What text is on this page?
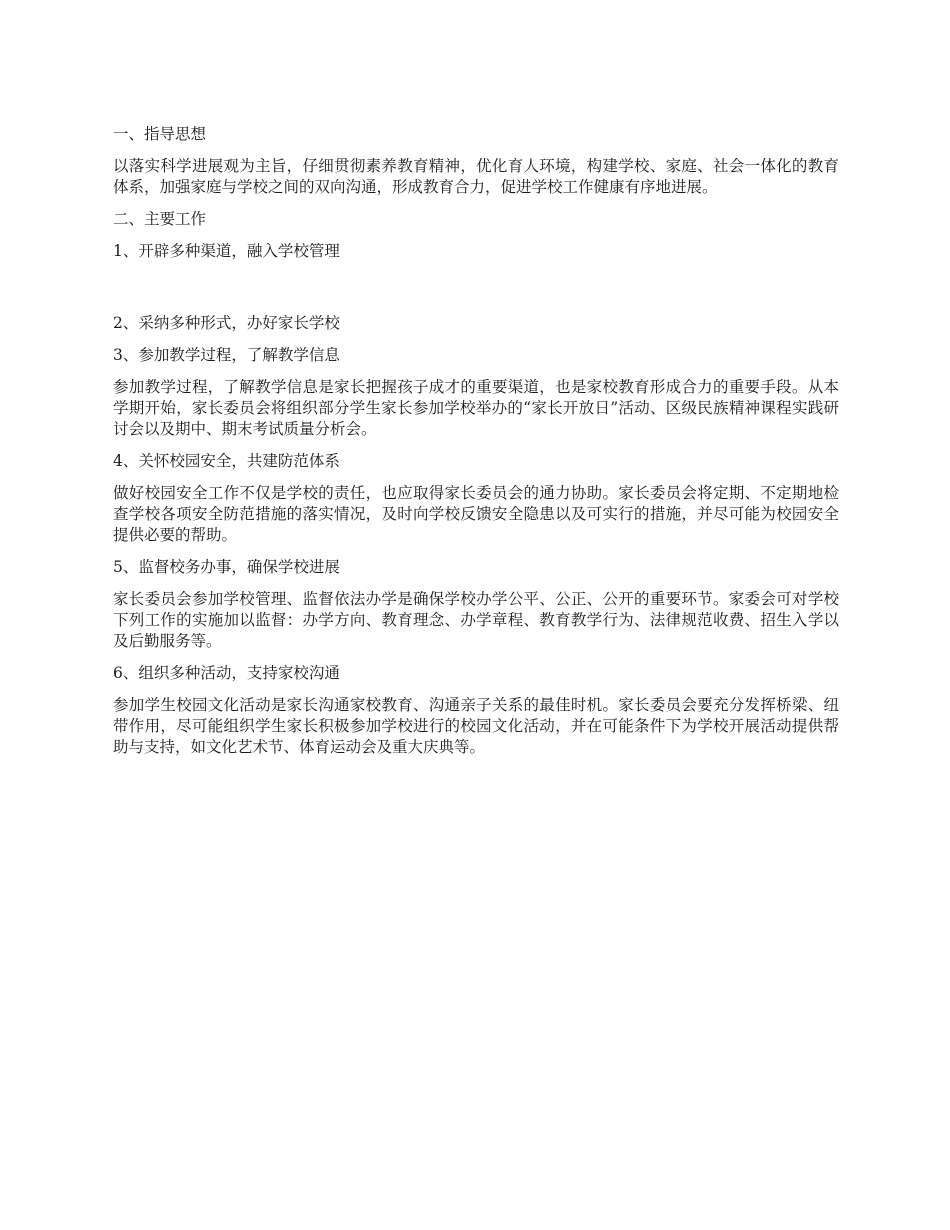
一、指导思想

以落实科学进展观为主旨，仔细贯彻素养教育精神，优化育人环境，构建学校、家庭、社会一体化的教育体系，加强家庭与学校之间的双向沟通，形成教育合力，促进学校工作健康有序地进展。

二、主要工作

1、开辟多种渠道，融入学校管理

2、采纳多种形式，办好家长学校

3、参加教学过程，了解教学信息

参加教学过程，了解教学信息是家长把握孩子成才的重要渠道，也是家校教育形成合力的重要手段。从本学期开始，家长委员会将组织部分学生家长参加学校举办的“家长开放日”活动、区级民族精神课程实践研讨会以及期中、期末考试质量分析会。

4、关怀校园安全，共建防范体系

做好校园安全工作不仅是学校的责任，也应取得家长委员会的通力协助。家长委员会将定期、不定期地检查学校各项安全防范措施的落实情况，及时向学校反馈安全隐患以及可实行的措施，并尽可能为校园安全提供必要的帮助。

5、监督校务办事，确保学校进展

家长委员会参加学校管理、监督依法办学是确保学校办学公平、公正、公开的重要环节。家委会可对学校下列工作的实施加以监督：办学方向、教育理念、办学章程、教育教学行为、法律规范收费、招生入学以及后勤服务等。

6、组织多种活动，支持家校沟通

参加学生校园文化活动是家长沟通家校教育、沟通亲子关系的最佳时机。家长委员会要充分发挥桥梁、纽带作用，尽可能组织学生家长积极参加学校进行的校园文化活动，并在可能条件下为学校开展活动提供帮助与支持，如文化艺术节、体育运动会及重大庆典等。
